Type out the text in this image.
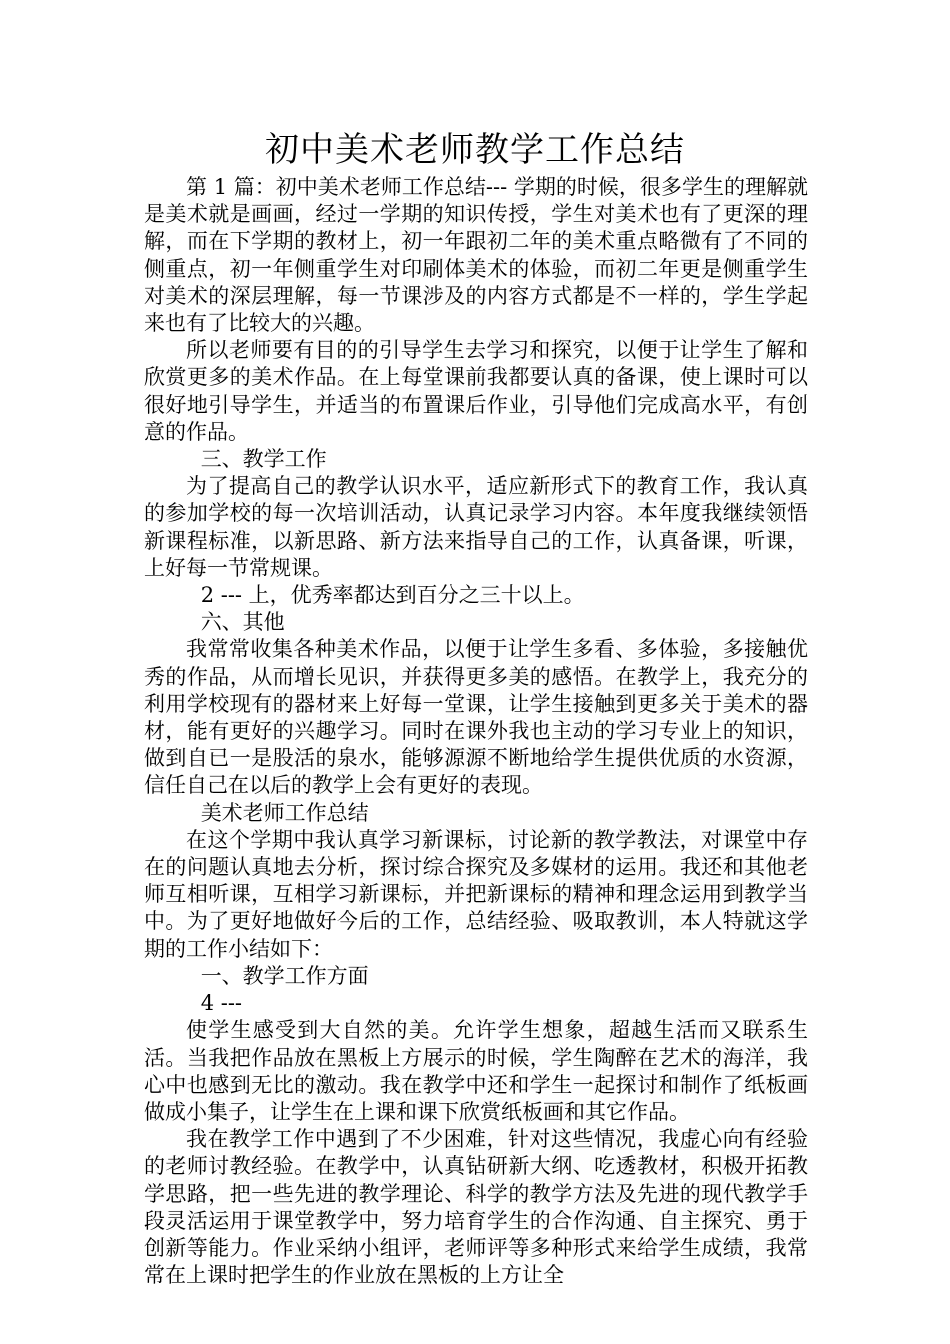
初中美术老师教学工作总结

第 1 篇：初中美术老师工作总结--- 学期的时候，很多学生的理解就是美术就是画画，经过一学期的知识传授，学生对美术也有了更深的理解，而在下学期的教材上，初一年跟初二年的美术重点略微有了不同的侧重点，初一年侧重学生对印刷体美术的体验，而初二年更是侧重学生对美术的深层理解，每一节课涉及的内容方式都是不一样的，学生学起来也有了比较大的兴趣。

所以老师要有目的的引导学生去学习和探究，以便于让学生了解和欣赏更多的美术作品。在上每堂课前我都要认真的备课，使上课时可以很好地引导学生，并适当的布置课后作业，引导他们完成高水平，有创意的作品。

三、教学工作

为了提高自己的教学认识水平，适应新形式下的教育工作，我认真的参加学校的每一次培训活动，认真记录学习内容。本年度我继续领悟新课程标准，以新思路、新方法来指导自己的工作，认真备课，听课，上好每一节常规课。

2 --- 上，优秀率都达到百分之三十以上。

六、其他

我常常收集各种美术作品，以便于让学生多看、多体验，多接触优秀的作品，从而增长见识，并获得更多美的感悟。在教学上，我充分的利用学校现有的器材来上好每一堂课，让学生接触到更多关于美术的器材，能有更好的兴趣学习。同时在课外我也主动的学习专业上的知识，做到自已一是股活的泉水，能够源源不断地给学生提供优质的水资源，信任自己在以后的教学上会有更好的表现。

美术老师工作总结

在这个学期中我认真学习新课标，讨论新的教学教法，对课堂中存在的问题认真地去分析，探讨综合探究及多媒材的运用。我还和其他老师互相听课，互相学习新课标，并把新课标的精神和理念运用到教学当中。为了更好地做好今后的工作，总结经验、吸取教训，本人特就这学期的工作小结如下：

一、教学工作方面

4 ---

使学生感受到大自然的美。允许学生想象，超越生活而又联系生活。当我把作品放在黑板上方展示的时候，学生陶醉在艺术的海洋，我心中也感到无比的激动。我在教学中还和学生一起探讨和制作了纸板画做成小集子，让学生在上课和课下欣赏纸板画和其它作品。

我在教学工作中遇到了不少困难，针对这些情况，我虚心向有经验的老师讨教经验。在教学中，认真钻研新大纲、吃透教材，积极开拓教学思路，把一些先进的教学理论、科学的教学方法及先进的现代教学手段灵活运用于课堂教学中，努力培育学生的合作沟通、自主探究、勇于创新等能力。作业采纳小组评，老师评等多种形式来给学生成绩，我常常在上课时把学生的作业放在黑板的上方让全
